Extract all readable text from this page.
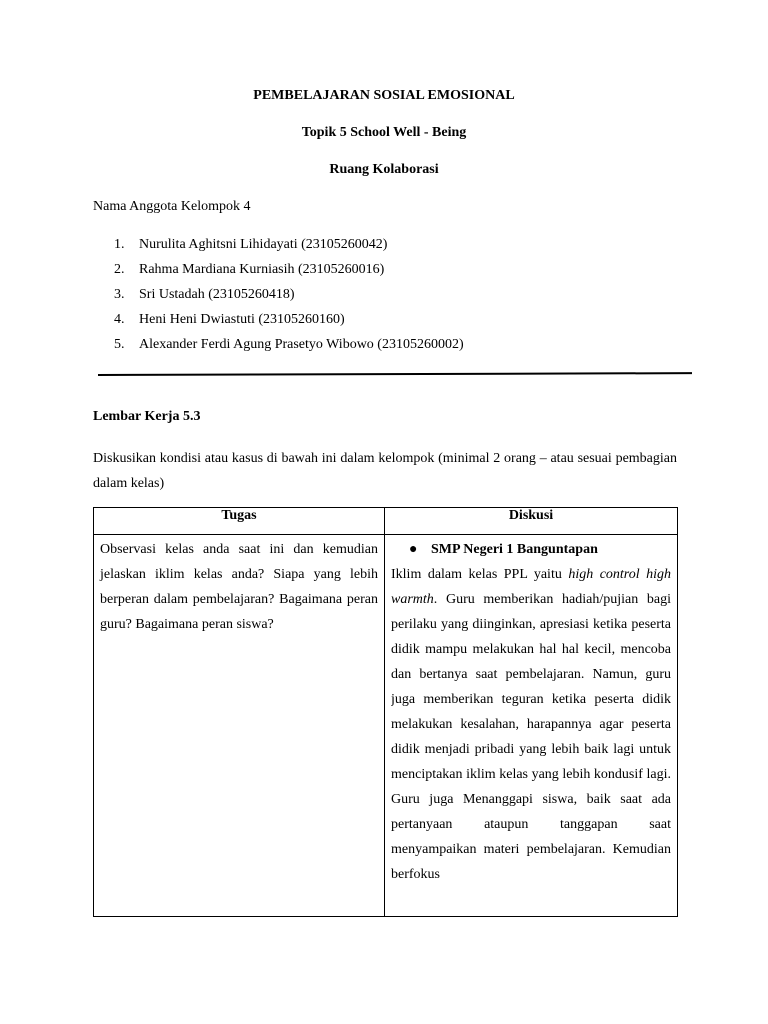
PEMBELAJARAN SOSIAL EMOSIONAL
Topik 5 School Well - Being
Ruang Kolaborasi
Nama Anggota Kelompok 4
1. Nurulita Aghitsni Lihidayati (23105260042)
2. Rahma Mardiana Kurniasih (23105260016)
3. Sri Ustadah (23105260418)
4. Heni Heni Dwiastuti (23105260160)
5. Alexander Ferdi Agung Prasetyo Wibowo (23105260002)
Lembar Kerja 5.3
Diskusikan kondisi atau kasus di bawah ini dalam kelompok (minimal 2 orang – atau sesuai pembagian dalam kelas)
Tugas	Diskusi

Observasi kelas anda saat ini dan kemudian jelaskan iklim kelas anda? Siapa yang lebih berperan dalam pembelajaran? Bagaimana peran guru? Bagaimana peran siswa?	● SMP Negeri 1 Banguntapan
Iklim dalam kelas PPL yaitu high control high warmth. Guru memberikan hadiah/pujian bagi perilaku yang diinginkan, apresiasi ketika peserta didik mampu melakukan hal hal kecil, mencoba dan bertanya saat pembelajaran. Namun, guru juga memberikan teguran ketika peserta didik melakukan kesalahan, harapannya agar peserta didik menjadi pribadi yang lebih baik lagi untuk menciptakan iklim kelas yang lebih kondusif lagi. Guru juga Menanggapi siswa, baik saat ada pertanyaan ataupun tanggapan saat menyampaikan materi pembelajaran. Kemudian berfokus
